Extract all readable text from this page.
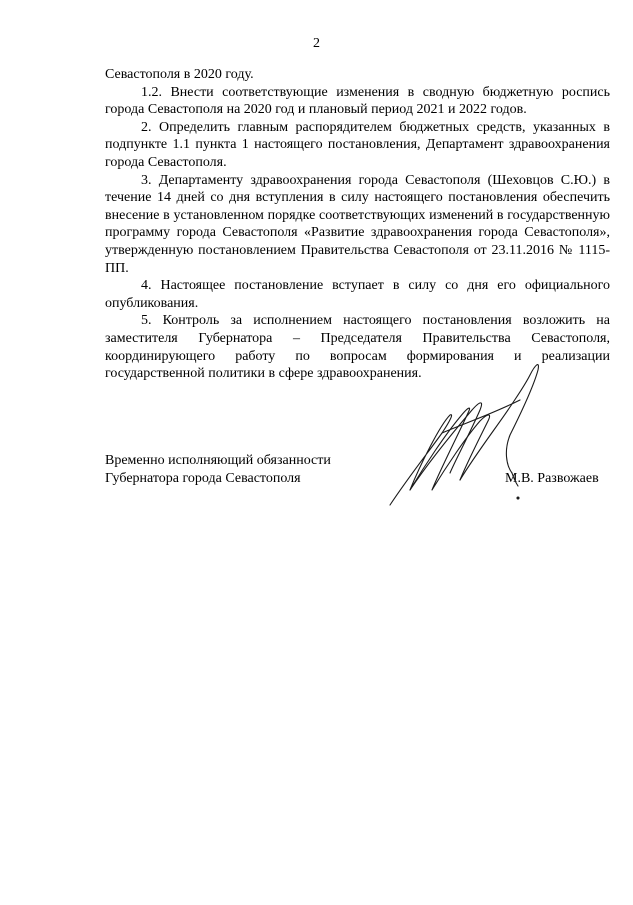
2

Севастополя в 2020 году.

1.2. Внести соответствующие изменения в сводную бюджетную роспись города Севастополя на 2020 год и плановый период 2021 и 2022 годов.

2. Определить главным распорядителем бюджетных средств, указанных в подпункте 1.1 пункта 1 настоящего постановления, Департамент здравоохранения города Севастополя.

3. Департаменту здравоохранения города Севастополя (Шеховцов С.Ю.) в течение 14 дней со дня вступления в силу настоящего постановления обеспечить внесение в установленном порядке соответствующих изменений в государственную программу города Севастополя «Развитие здравоохранения города Севастополя», утвержденную постановлением Правительства Севастополя от 23.11.2016 № 1115-ПП.

4. Настоящее постановление вступает в силу со дня его официального опубликования.

5. Контроль за исполнением настоящего постановления возложить на заместителя Губернатора – Председателя Правительства Севастополя, координирующего работу по вопросам формирования и реализации государственной политики в сфере здравоохранения.

Временно исполняющий обязанности
Губернатора города Севастополя	М.В. Развожаев
